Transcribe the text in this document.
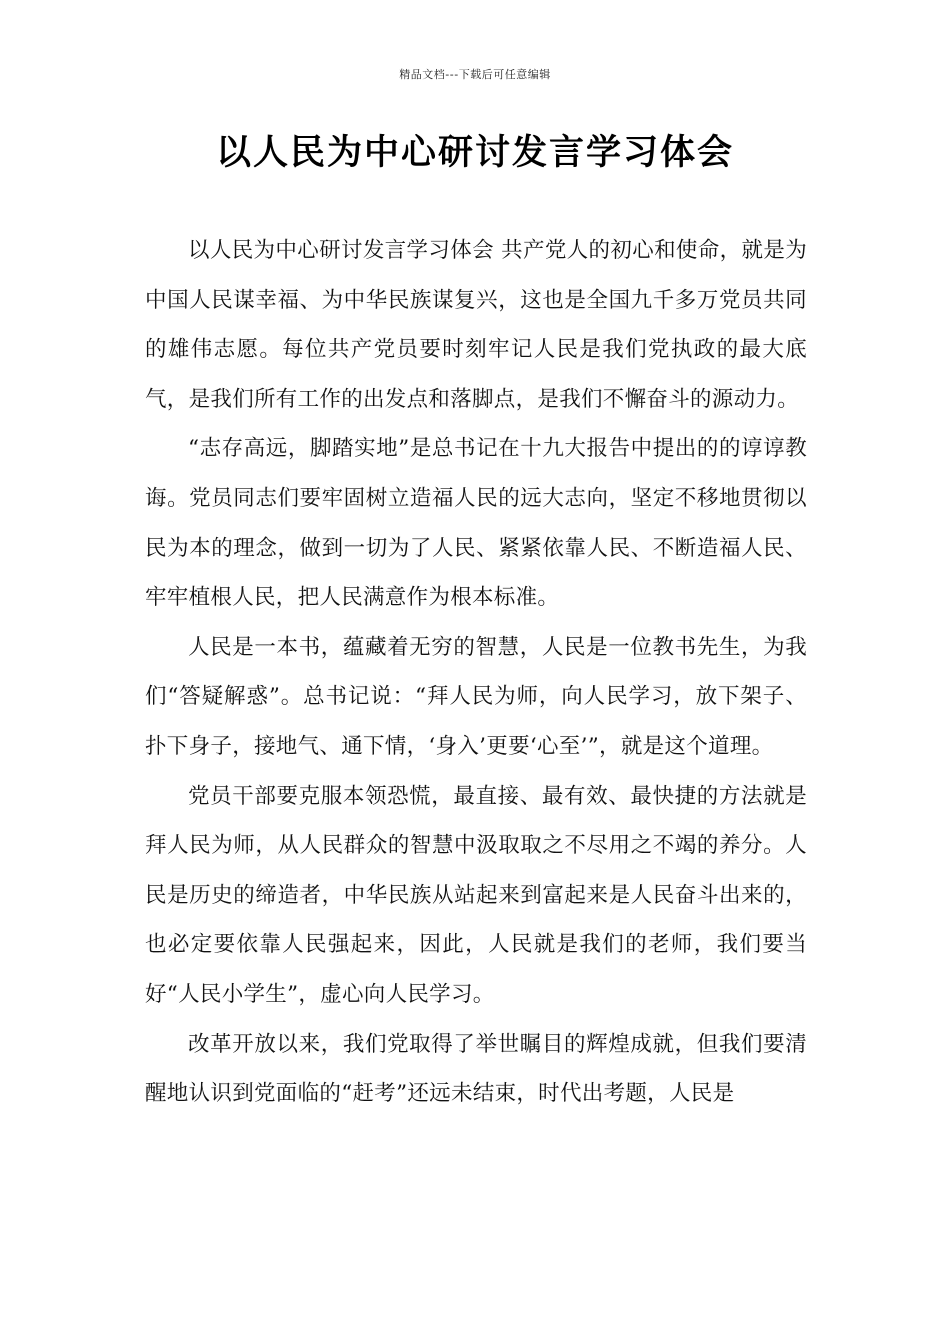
精品文档---下载后可任意编辑
以人民为中心研讨发言学习体会

以人民为中心研讨发言学习体会 共产党人的初心和使命，就是为中国人民谋幸福、为中华民族谋复兴，这也是全国九千多万党员共同的雄伟志愿。每位共产党员要时刻牢记人民是我们党执政的最大底气，是我们所有工作的出发点和落脚点，是我们不懈奋斗的源动力。

“志存高远，脚踏实地”是总书记在十九大报告中提出的的谆谆教诲。党员同志们要牢固树立造福人民的远大志向，坚定不移地贯彻以民为本的理念，做到一切为了人民、紧紧依靠人民、不断造福人民、牢牢植根人民，把人民满意作为根本标准。

人民是一本书，蕴藏着无穷的智慧，人民是一位教书先生，为我们“答疑解惑”。总书记说：“拜人民为师，向人民学习，放下架子、扑下身子，接地气、通下情，‘身入’更要‘心至’”，就是这个道理。

党员干部要克服本领恐慌，最直接、最有效、最快捷的方法就是拜人民为师，从人民群众的智慧中汲取取之不尽用之不竭的养分。人民是历史的缔造者，中华民族从站起来到富起来是人民奋斗出来的，也必定要依靠人民强起来，因此，人民就是我们的老师，我们要当好“人民小学生”，虚心向人民学习。

改革开放以来，我们党取得了举世瞩目的辉煌成就，但我们要清醒地认识到党面临的“赶考”还远未结束，时代出考题，人民是
